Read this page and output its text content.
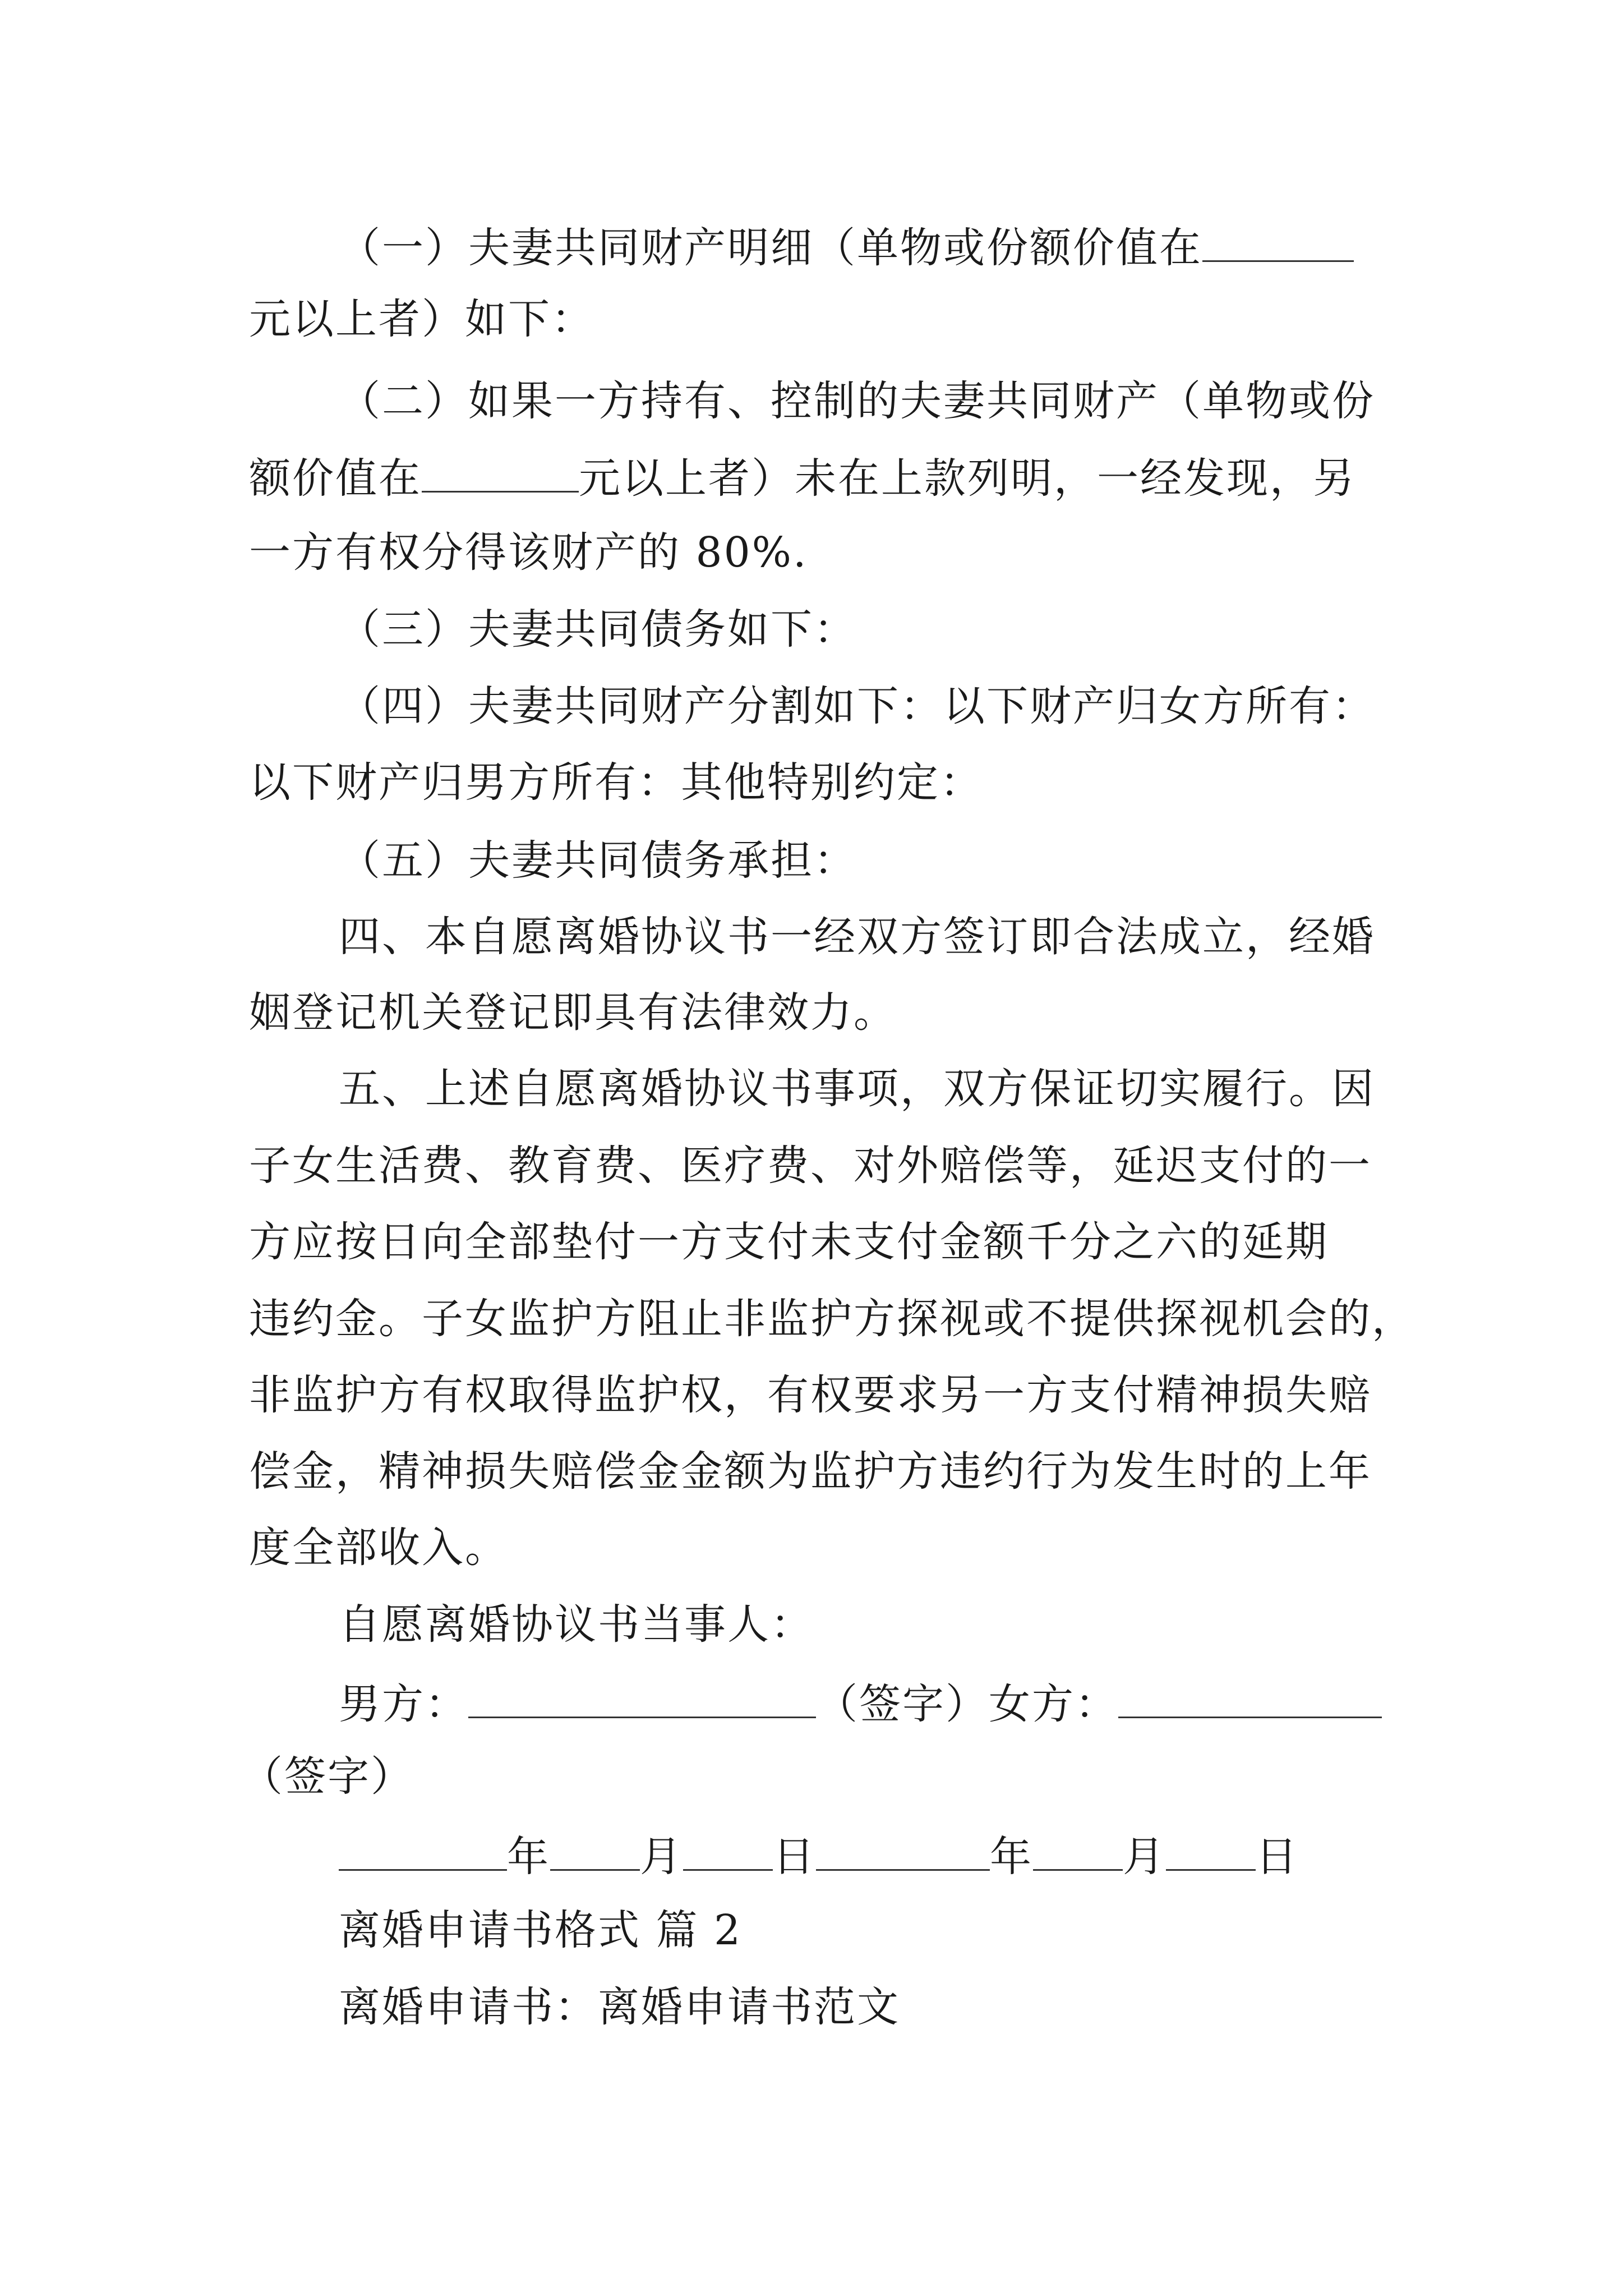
（一）夫妻共同财产明细（单物或份额价值在
元以上者）如下：
（二）如果一方持有、控制的夫妻共同财产（单物或份
额价值在	元以上者）未在上款列明，一经发现，另
一方有权分得该财产的 80%.
（三）夫妻共同债务如下：
（四）夫妻共同财产分割如下：以下财产归女方所有：
以下财产归男方所有：其他特别约定：
（五）夫妻共同债务承担：
四、本自愿离婚协议书一经双方签订即合法成立，经婚
姻登记机关登记即具有法律效力。
五、上述自愿离婚协议书事项，双方保证切实履行。因
子女生活费、教育费、医疗费、对外赔偿等，延迟支付的一
方应按日向全部垫付一方支付未支付金额千分之六的延期
违约金。子女监护方阻止非监护方探视或不提供探视机会的，
非监护方有权取得监护权，有权要求另一方支付精神损失赔
偿金，精神损失赔偿金金额为监护方违约行为发生时的上年
度全部收入。
自愿离婚协议书当事人：
男方：	（签字）女方：
（签字）
年 月 日	年 月 日
离婚申请书格式 篇 2
离婚申请书：离婚申请书范文
